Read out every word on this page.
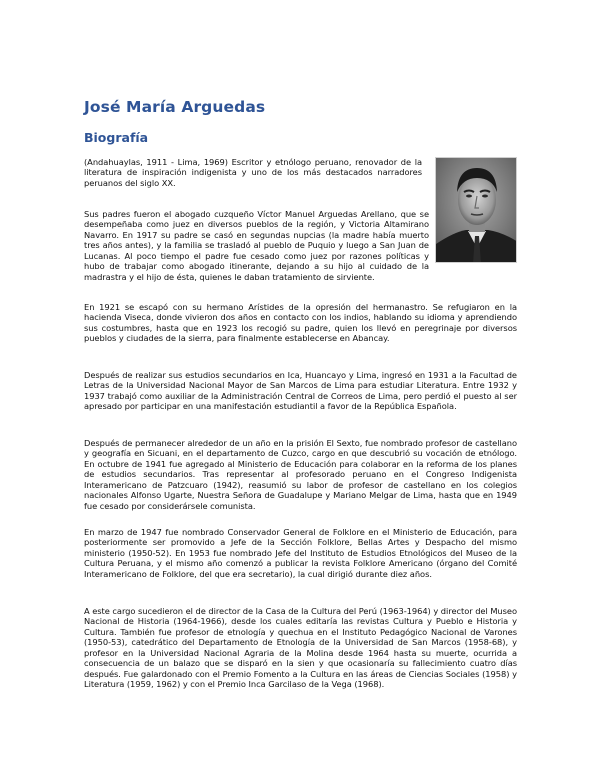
José María Arguedas
Biografía

(Andahuaylas, 1911 - Lima, 1969) Escritor y etnólogo peruano, renovador de la literatura de inspiración indigenista y uno de los más destacados narradores peruanos del siglo XX.

Sus padres fueron el abogado cuzqueño Víctor Manuel Arguedas Arellano, que se desempeñaba como juez en diversos pueblos de la región, y Victoria Altamirano Navarro. En 1917 su padre se casó en segundas nupcias (la madre había muerto tres años antes), y la familia se trasladó al pueblo de Puquio y luego a San Juan de Lucanas. Al poco tiempo el padre fue cesado como juez por razones políticas y hubo de trabajar como abogado itinerante, dejando a su hijo al cuidado de la madrastra y el hijo de ésta, quienes le daban tratamiento de sirviente.

En 1921 se escapó con su hermano Arístides de la opresión del hermanastro. Se refugiaron en la hacienda Viseca, donde vivieron dos años en contacto con los indios, hablando su idioma y aprendiendo sus costumbres, hasta que en 1923 los recogió su padre, quien los llevó en peregrinaje por diversos pueblos y ciudades de la sierra, para finalmente establecerse en Abancay.

Después de realizar sus estudios secundarios en Ica, Huancayo y Lima, ingresó en 1931 a la Facultad de Letras de la Universidad Nacional Mayor de San Marcos de Lima para estudiar Literatura. Entre 1932 y 1937 trabajó como auxiliar de la Administración Central de Correos de Lima, pero perdió el puesto al ser apresado por participar en una manifestación estudiantil a favor de la República Española.

Después de permanecer alrededor de un año en la prisión El Sexto, fue nombrado profesor de castellano y geografía en Sicuani, en el departamento de Cuzco, cargo en que descubrió su vocación de etnólogo. En octubre de 1941 fue agregado al Ministerio de Educación para colaborar en la reforma de los planes de estudios secundarios. Tras representar al profesorado peruano en el Congreso Indigenista Interamericano de Patzcuaro (1942), reasumió su labor de profesor de castellano en los colegios nacionales Alfonso Ugarte, Nuestra Señora de Guadalupe y Mariano Melgar de Lima, hasta que en 1949 fue cesado por considerársele comunista.

En marzo de 1947 fue nombrado Conservador General de Folklore en el Ministerio de Educación, para posteriormente ser promovido a Jefe de la Sección Folklore, Bellas Artes y Despacho del mismo ministerio (1950-52). En 1953 fue nombrado Jefe del Instituto de Estudios Etnológicos del Museo de la Cultura Peruana, y el mismo año comenzó a publicar la revista Folklore Americano (órgano del Comité Interamericano de Folklore, del que era secretario), la cual dirigió durante diez años.

A este cargo sucedieron el de director de la Casa de la Cultura del Perú (1963-1964) y director del Museo Nacional de Historia (1964-1966), desde los cuales editaría las revistas Cultura y Pueblo e Historia y Cultura. También fue profesor de etnología y quechua en el Instituto Pedagógico Nacional de Varones (1950-53), catedrático del Departamento de Etnología de la Universidad de San Marcos (1958-68), y profesor en la Universidad Nacional Agraria de la Molina desde 1964 hasta su muerte, ocurrida a consecuencia de un balazo que se disparó en la sien y que ocasionaría su fallecimiento cuatro días después. Fue galardonado con el Premio Fomento a la Cultura en las áreas de Ciencias Sociales (1958) y Literatura (1959, 1962) y con el Premio Inca Garcilaso de la Vega (1968).
